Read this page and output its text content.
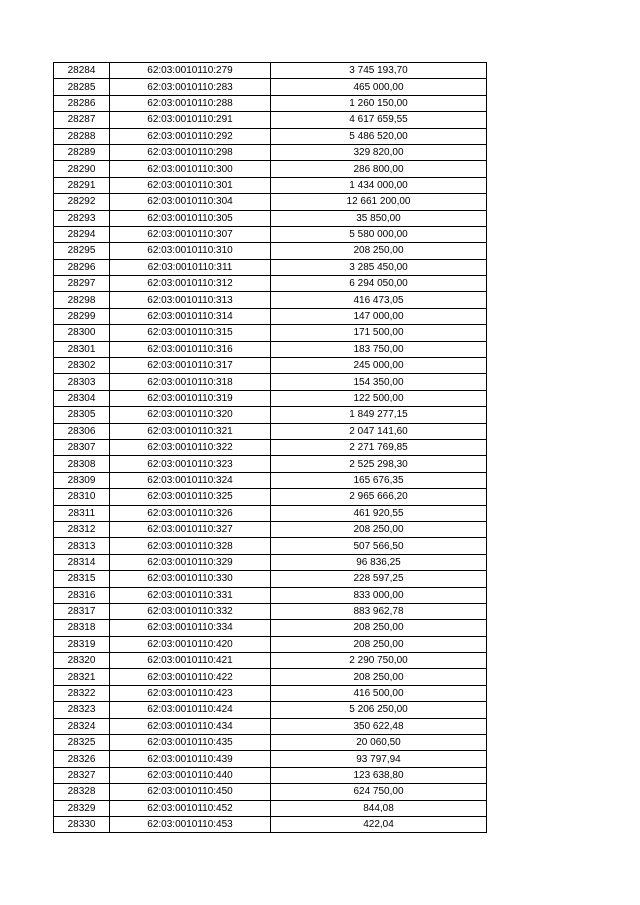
28284	62:03:0010110:279	3 745 193,70
28285	62:03:0010110:283	465 000,00
28286	62:03:0010110:288	1 260 150,00
28287	62:03:0010110:291	4 617 659,55
28288	62:03:0010110:292	5 486 520,00
28289	62:03:0010110:298	329 820,00
28290	62:03:0010110:300	286 800,00
28291	62:03:0010110:301	1 434 000,00
28292	62:03:0010110:304	12 661 200,00
28293	62:03:0010110:305	35 850,00
28294	62:03:0010110:307	5 580 000,00
28295	62:03:0010110:310	208 250,00
28296	62:03:0010110:311	3 285 450,00
28297	62:03:0010110:312	6 294 050,00
28298	62:03:0010110:313	416 473,05
28299	62:03:0010110:314	147 000,00
28300	62:03:0010110:315	171 500,00
28301	62:03:0010110:316	183 750,00
28302	62:03:0010110:317	245 000,00
28303	62:03:0010110:318	154 350,00
28304	62:03:0010110:319	122 500,00
28305	62:03:0010110:320	1 849 277,15
28306	62:03:0010110:321	2 047 141,60
28307	62:03:0010110:322	2 271 769,85
28308	62:03:0010110:323	2 525 298,30
28309	62:03:0010110:324	165 676,35
28310	62:03:0010110:325	2 965 666,20
28311	62:03:0010110:326	461 920,55
28312	62:03:0010110:327	208 250,00
28313	62:03:0010110:328	507 566,50
28314	62:03:0010110:329	96 836,25
28315	62:03:0010110:330	228 597,25
28316	62:03:0010110:331	833 000,00
28317	62:03:0010110:332	883 962,78
28318	62:03:0010110:334	208 250,00
28319	62:03:0010110:420	208 250,00
28320	62:03:0010110:421	2 290 750,00
28321	62:03:0010110:422	208 250,00
28322	62:03:0010110:423	416 500,00
28323	62:03:0010110:424	5 206 250,00
28324	62:03:0010110:434	350 622,48
28325	62:03:0010110:435	20 060,50
28326	62:03:0010110:439	93 797,94
28327	62:03:0010110:440	123 638,80
28328	62:03:0010110:450	624 750,00
28329	62:03:0010110:452	844,08
28330	62:03:0010110:453	422,04
